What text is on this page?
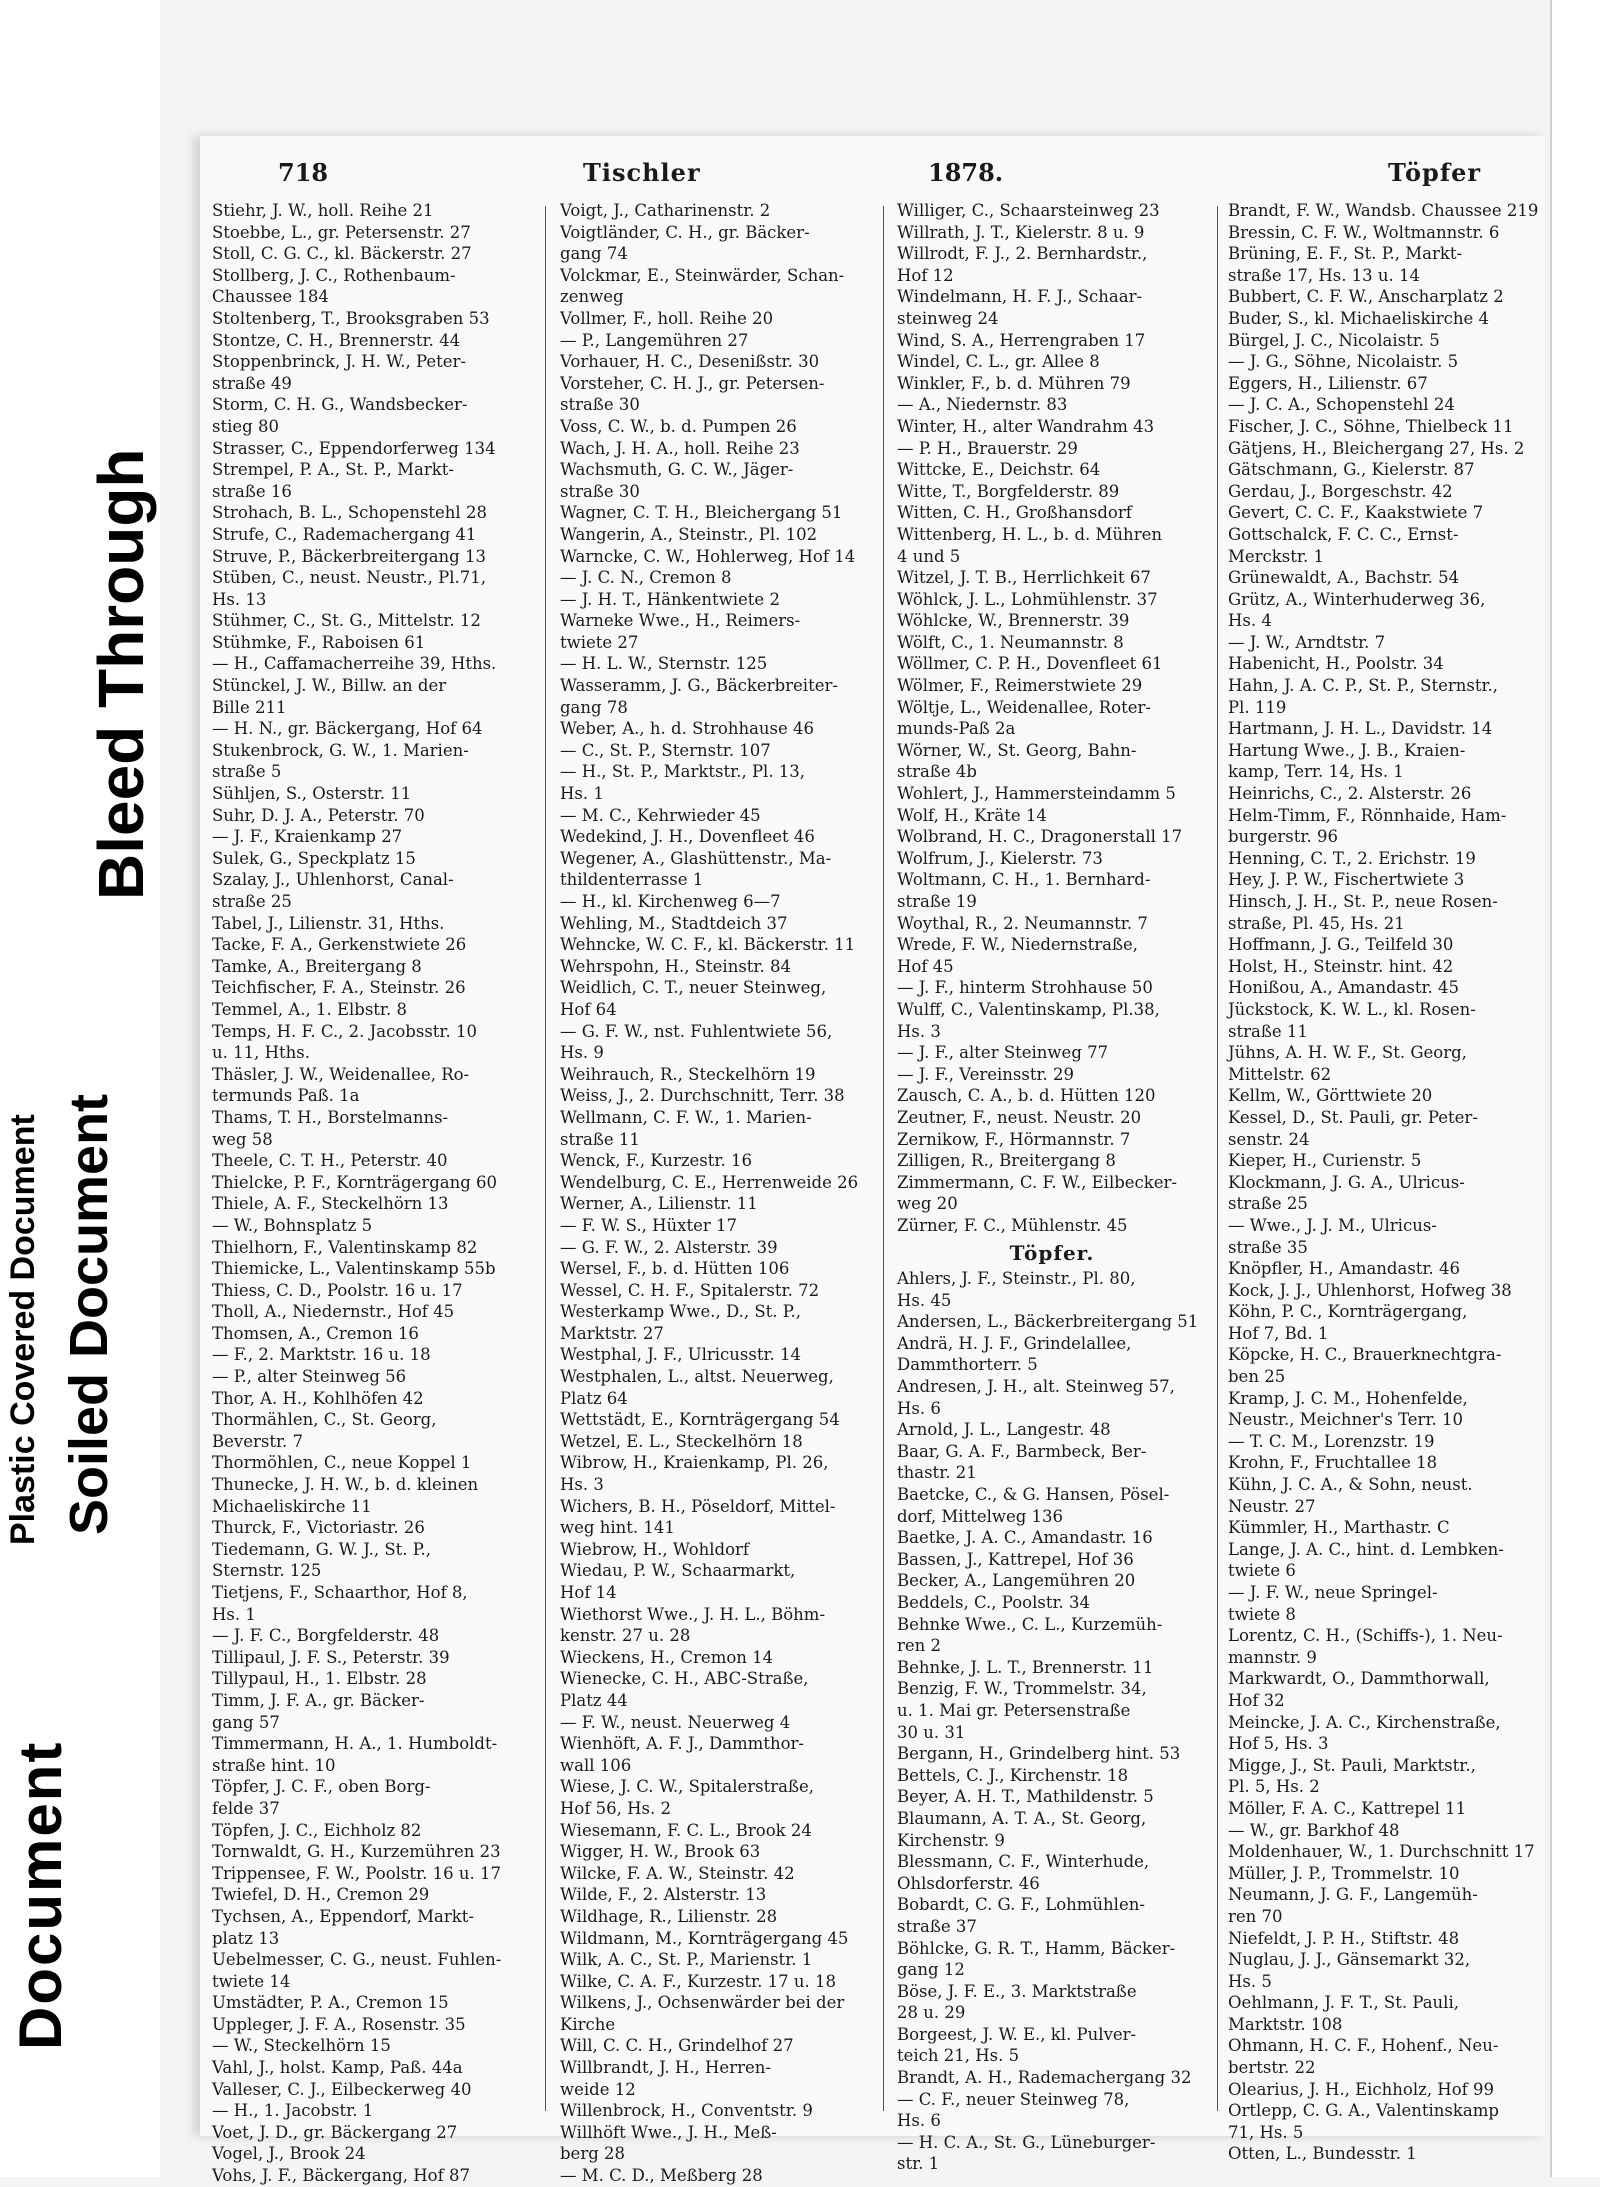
Bleed Through
Soiled Document
Plastic Covered Document
Document
718	Tischler	1878.	Töpfer

Stiehr, J. W., holl. Reihe 21

Stoebbe, L., gr. Petersenstr. 27

Stoll, C. G. C., kl. Bäckerstr. 27

Stollberg, J. C., Rothenbaum-

Chaussee 184

Stoltenberg, T., Brooksgraben 53

Stontze, C. H., Brennerstr. 44

Stoppenbrinck, J. H. W., Peter-

straße 49

Storm, C. H. G., Wandsbecker-

stieg 80

Strasser, C., Eppendorferweg 134

Strempel, P. A., St. P., Markt-

straße 16

Strohach, B. L., Schopenstehl 28

Strufe, C., Rademachergang 41

Struve, P., Bäckerbreitergang 13

Stüben, C., neust. Neustr., Pl.71,

Hs. 13

Stühmer, C., St. G., Mittelstr. 12

Stühmke, F., Raboisen 61

— H., Caffamacherreihe 39, Hths.

Stünckel, J. W., Billw. an der

Bille 211

— H. N., gr. Bäckergang, Hof 64

Stukenbrock, G. W., 1. Marien-

straße 5

Sühljen, S., Osterstr. 11

Suhr, D. J. A., Peterstr. 70

— J. F., Kraienkamp 27

Sulek, G., Speckplatz 15

Szalay, J., Uhlenhorst, Canal-

straße 25

Tabel, J., Lilienstr. 31, Hths.

Tacke, F. A., Gerkenstwiete 26

Tamke, A., Breitergang 8

Teichfischer, F. A., Steinstr. 26

Temmel, A., 1. Elbstr. 8

Temps, H. F. C., 2. Jacobsstr. 10

u. 11, Hths.

Thäsler, J. W., Weidenallee, Ro-

termunds Paß. 1a

Thams, T. H., Borstelmanns-

weg 58

Theele, C. T. H., Peterstr. 40

Thielcke, P. F., Kornträgergang 60

Thiele, A. F., Steckelhörn 13

— W., Bohnsplatz 5

Thielhorn, F., Valentinskamp 82

Thiemicke, L., Valentinskamp 55b

Thiess, C. D., Poolstr. 16 u. 17

Tholl, A., Niedernstr., Hof 45

Thomsen, A., Cremon 16

— F., 2. Marktstr. 16 u. 18

— P., alter Steinweg 56

Thor, A. H., Kohlhöfen 42

Thormählen, C., St. Georg,

Beverstr. 7

Thormöhlen, C., neue Koppel 1

Thunecke, J. H. W., b. d. kleinen

Michaeliskirche 11

Thurck, F., Victoriastr. 26

Tiedemann, G. W. J., St. P.,

Sternstr. 125

Tietjens, F., Schaarthor, Hof 8,

Hs. 1

— J. F. C., Borgfelderstr. 48

Tillipaul, J. F. S., Peterstr. 39

Tillypaul, H., 1. Elbstr. 28

Timm, J. F. A., gr. Bäcker-

gang 57

Timmermann, H. A., 1. Humboldt-

straße hint. 10

Töpfer, J. C. F., oben Borg-

felde 37

Töpfen, J. C., Eichholz 82

Tornwaldt, G. H., Kurzemühren 23

Trippensee, F. W., Poolstr. 16 u. 17

Twiefel, D. H., Cremon 29

Tychsen, A., Eppendorf, Markt-

platz 13

Uebelmesser, C. G., neust. Fuhlen-

twiete 14

Umstädter, P. A., Cremon 15

Uppleger, J. F. A., Rosenstr. 35

— W., Steckelhörn 15

Vahl, J., holst. Kamp, Paß. 44a

Valleser, C. J., Eilbeckerweg 40

— H., 1. Jacobstr. 1

Voet, J. D., gr. Bäckergang 27

Vogel, J., Brook 24

Vohs, J. F., Bäckergang, Hof 87

Voigt, J., Catharinenstr. 2

Voigtländer, C. H., gr. Bäcker-

gang 74

Volckmar, E., Steinwärder, Schan-

zenweg

Vollmer, F., holl. Reihe 20

— P., Langemühren 27

Vorhauer, H. C., Desenißstr. 30

Vorsteher, C. H. J., gr. Petersen-

straße 30

Voss, C. W., b. d. Pumpen 26

Wach, J. H. A., holl. Reihe 23

Wachsmuth, G. C. W., Jäger-

straße 30

Wagner, C. T. H., Bleichergang 51

Wangerin, A., Steinstr., Pl. 102

Warncke, C. W., Hohlerweg, Hof 14

— J. C. N., Cremon 8

— J. H. T., Hänkentwiete 2

Warneke Wwe., H., Reimers-

twiete 27

— H. L. W., Sternstr. 125

Wasseramm, J. G., Bäckerbreiter-

gang 78

Weber, A., h. d. Strohhause 46

— C., St. P., Sternstr. 107

— H., St. P., Marktstr., Pl. 13,

Hs. 1

— M. C., Kehrwieder 45

Wedekind, J. H., Dovenfleet 46

Wegener, A., Glashüttenstr., Ma-

thildenterrasse 1

— H., kl. Kirchenweg 6—7

Wehling, M., Stadtdeich 37

Wehncke, W. C. F., kl. Bäckerstr. 11

Wehrspohn, H., Steinstr. 84

Weidlich, C. T., neuer Steinweg,

Hof 64

— G. F. W., nst. Fuhlentwiete 56,

Hs. 9

Weihrauch, R., Steckelhörn 19

Weiss, J., 2. Durchschnitt, Terr. 38

Wellmann, C. F. W., 1. Marien-

straße 11

Wenck, F., Kurzestr. 16

Wendelburg, C. E., Herrenweide 26

Werner, A., Lilienstr. 11

— F. W. S., Hüxter 17

— G. F. W., 2. Alsterstr. 39

Wersel, F., b. d. Hütten 106

Wessel, C. H. F., Spitalerstr. 72

Westerkamp Wwe., D., St. P.,

Marktstr. 27

Westphal, J. F., Ulricusstr. 14

Westphalen, L., altst. Neuerweg,

Platz 64

Wettstädt, E., Kornträgergang 54

Wetzel, E. L., Steckelhörn 18

Wibrow, H., Kraienkamp, Pl. 26,

Hs. 3

Wichers, B. H., Pöseldorf, Mittel-

weg hint. 141

Wiebrow, H., Wohldorf

Wiedau, P. W., Schaarmarkt,

Hof 14

Wiethorst Wwe., J. H. L., Böhm-

kenstr. 27 u. 28

Wieckens, H., Cremon 14

Wienecke, C. H., ABC-Straße,

Platz 44

— F. W., neust. Neuerweg 4

Wienhöft, A. F. J., Dammthor-

wall 106

Wiese, J. C. W., Spitalerstraße,

Hof 56, Hs. 2

Wiesemann, F. C. L., Brook 24

Wigger, H. W., Brook 63

Wilcke, F. A. W., Steinstr. 42

Wilde, F., 2. Alsterstr. 13

Wildhage, R., Lilienstr. 28

Wildmann, M., Kornträgergang 45

Wilk, A. C., St. P., Marienstr. 1

Wilke, C. A. F., Kurzestr. 17 u. 18

Wilkens, J., Ochsenwärder bei der

Kirche

Will, C. C. H., Grindelhof 27

Willbrandt, J. H., Herren-

weide 12

Willenbrock, H., Conventstr. 9

Willhöft Wwe., J. H., Meß-

berg 28

— M. C. D., Meßberg 28

Williger, C., Schaarsteinweg 23

Willrath, J. T., Kielerstr. 8 u. 9

Willrodt, F. J., 2. Bernhardstr.,

Hof 12

Windelmann, H. F. J., Schaar-

steinweg 24

Wind, S. A., Herrengraben 17

Windel, C. L., gr. Allee 8

Winkler, F., b. d. Mühren 79

— A., Niedernstr. 83

Winter, H., alter Wandrahm 43

— P. H., Brauerstr. 29

Wittcke, E., Deichstr. 64

Witte, T., Borgfelderstr. 89

Witten, C. H., Großhansdorf

Wittenberg, H. L., b. d. Mühren

4 und 5

Witzel, J. T. B., Herrlichkeit 67

Wöhlck, J. L., Lohmühlenstr. 37

Wöhlcke, W., Brennerstr. 39

Wölft, C., 1. Neumannstr. 8

Wöllmer, C. P. H., Dovenfleet 61

Wölmer, F., Reimerstwiete 29

Wöltje, L., Weidenallee, Roter-

munds-Paß 2a

Wörner, W., St. Georg, Bahn-

straße 4b

Wohlert, J., Hammersteindamm 5

Wolf, H., Kräte 14

Wolbrand, H. C., Dragonerstall 17

Wolfrum, J., Kielerstr. 73

Woltmann, C. H., 1. Bernhard-

straße 19

Woythal, R., 2. Neumannstr. 7

Wrede, F. W., Niedernstraße,

Hof 45

— J. F., hinterm Strohhause 50

Wulff, C., Valentinskamp, Pl.38,

Hs. 3

— J. F., alter Steinweg 77

— J. F., Vereinsstr. 29

Zausch, C. A., b. d. Hütten 120

Zeutner, F., neust. Neustr. 20

Zernikow, F., Hörmannstr. 7

Zilligen, R., Breitergang 8

Zimmermann, C. F. W., Eilbecker-

weg 20

Zürner, F. C., Mühlenstr. 45

Töpfer.

Ahlers, J. F., Steinstr., Pl. 80,

Hs. 45

Andersen, L., Bäckerbreitergang 51

Andrä, H. J. F., Grindelallee,

Dammthorterr. 5

Andresen, J. H., alt. Steinweg 57,

Hs. 6

Arnold, J. L., Langestr. 48

Baar, G. A. F., Barmbeck, Ber-

thastr. 21

Baetcke, C., & G. Hansen, Pösel-

dorf, Mittelweg 136

Baetke, J. A. C., Amandastr. 16

Bassen, J., Kattrepel, Hof 36

Becker, A., Langemühren 20

Beddels, C., Poolstr. 34

Behnke Wwe., C. L., Kurzemüh-

ren 2

Behnke, J. L. T., Brennerstr. 11

Benzig, F. W., Trommelstr. 34,

u. 1. Mai gr. Petersenstraße

30 u. 31

Bergann, H., Grindelberg hint. 53

Bettels, C. J., Kirchenstr. 18

Beyer, A. H. T., Mathildenstr. 5

Blaumann, A. T. A., St. Georg,

Kirchenstr. 9

Blessmann, C. F., Winterhude,

Ohlsdorferstr. 46

Bobardt, C. G. F., Lohmühlen-

straße 37

Böhlcke, G. R. T., Hamm, Bäcker-

gang 12

Böse, J. F. E., 3. Marktstraße

28 u. 29

Borgeest, J. W. E., kl. Pulver-

teich 21, Hs. 5

Brandt, A. H., Rademachergang 32

— C. F., neuer Steinweg 78,

Hs. 6

— H. C. A., St. G., Lüneburger-

str. 1

Brandt, F. W., Wandsb. Chaussee 219

Bressin, C. F. W., Woltmannstr. 6

Brüning, E. F., St. P., Markt-

straße 17, Hs. 13 u. 14

Bubbert, C. F. W., Anscharplatz 2

Buder, S., kl. Michaeliskirche 4

Bürgel, J. C., Nicolaistr. 5

— J. G., Söhne, Nicolaistr. 5

Eggers, H., Lilienstr. 67

— J. C. A., Schopenstehl 24

Fischer, J. C., Söhne, Thielbeck 11

Gätjens, H., Bleichergang 27, Hs. 2

Gätschmann, G., Kielerstr. 87

Gerdau, J., Borgeschstr. 42

Gevert, C. C. F., Kaakstwiete 7

Gottschalck, F. C. C., Ernst-

Merckstr. 1

Grünewaldt, A., Bachstr. 54

Grütz, A., Winterhuderweg 36,

Hs. 4

— J. W., Arndtstr. 7

Habenicht, H., Poolstr. 34

Hahn, J. A. C. P., St. P., Sternstr.,

Pl. 119

Hartmann, J. H. L., Davidstr. 14

Hartung Wwe., J. B., Kraien-

kamp, Terr. 14, Hs. 1

Heinrichs, C., 2. Alsterstr. 26

Helm-Timm, F., Rönnhaide, Ham-

burgerstr. 96

Henning, C. T., 2. Erichstr. 19

Hey, J. P. W., Fischertwiete 3

Hinsch, J. H., St. P., neue Rosen-

straße, Pl. 45, Hs. 21

Hoffmann, J. G., Teilfeld 30

Holst, H., Steinstr. hint. 42

Honißou, A., Amandastr. 45

Jückstock, K. W. L., kl. Rosen-

straße 11

Jühns, A. H. W. F., St. Georg,

Mittelstr. 62

Kellm, W., Görttwiete 20

Kessel, D., St. Pauli, gr. Peter-

senstr. 24

Kieper, H., Curienstr. 5

Klockmann, J. G. A., Ulricus-

straße 25

— Wwe., J. J. M., Ulricus-

straße 35

Knöpfler, H., Amandastr. 46

Kock, J. J., Uhlenhorst, Hofweg 38

Köhn, P. C., Kornträgergang,

Hof 7, Bd. 1

Köpcke, H. C., Brauerknechtgra-

ben 25

Kramp, J. C. M., Hohenfelde,

Neustr., Meichner's Terr. 10

— T. C. M., Lorenzstr. 19

Krohn, F., Fruchtallee 18

Kühn, J. C. A., & Sohn, neust.

Neustr. 27

Kümmler, H., Marthastr. C

Lange, J. A. C., hint. d. Lembken-

twiete 6

— J. F. W., neue Springel-

twiete 8

Lorentz, C. H., (Schiffs-), 1. Neu-

mannstr. 9

Markwardt, O., Dammthorwall,

Hof 32

Meincke, J. A. C., Kirchenstraße,

Hof 5, Hs. 3

Migge, J., St. Pauli, Marktstr.,

Pl. 5, Hs. 2

Möller, F. A. C., Kattrepel 11

— W., gr. Barkhof 48

Moldenhauer, W., 1. Durchschnitt 17

Müller, J. P., Trommelstr. 10

Neumann, J. G. F., Langemüh-

ren 70

Niefeldt, J. P. H., Stiftstr. 48

Nuglau, J. J., Gänsemarkt 32,

Hs. 5

Oehlmann, J. F. T., St. Pauli,

Marktstr. 108

Ohmann, H. C. F., Hohenf., Neu-

bertstr. 22

Olearius, J. H., Eichholz, Hof 99

Ortlepp, C. G. A., Valentinskamp

71, Hs. 5

Otten, L., Bundesstr. 1
